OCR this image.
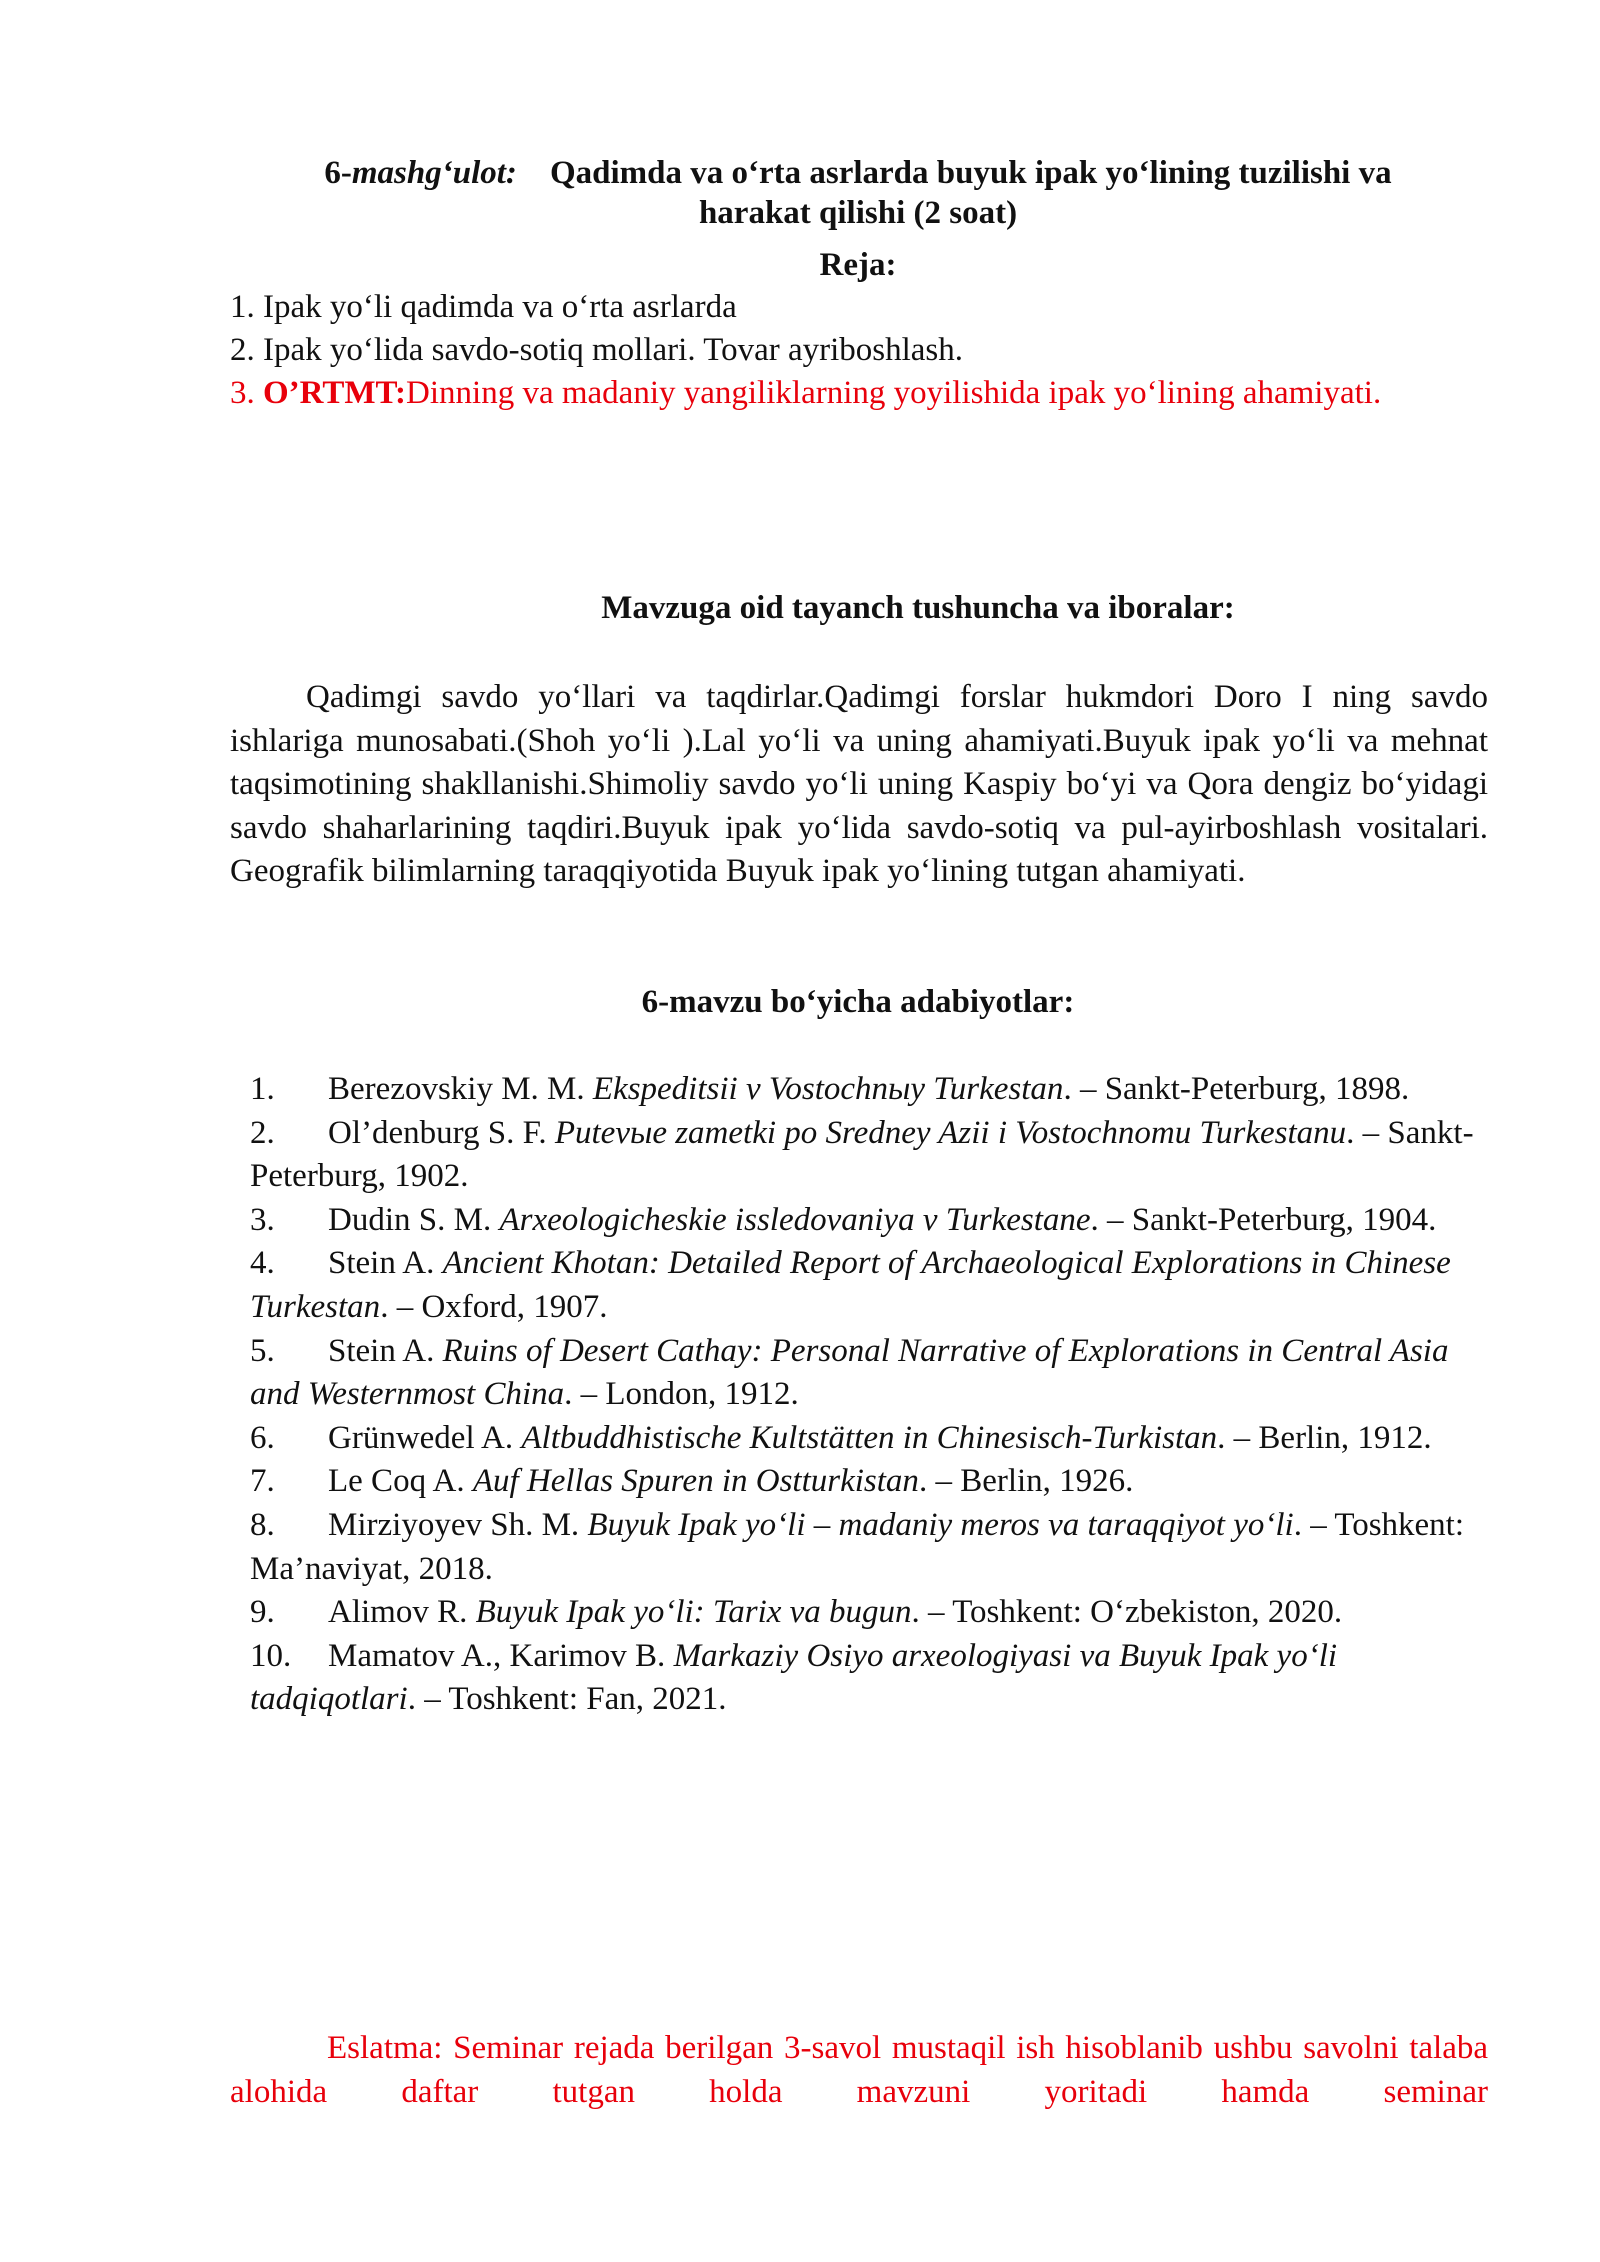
6-mashg‘ulot: Qadimda va o‘rta asrlarda buyuk ipak yo‘lining tuzilishi va
harakat qilishi (2 soat)
Reja:
1. Ipak yo‘li qadimda va o‘rta asrlarda
2. Ipak yo‘lida savdo-sotiq mollari. Tovar ayriboshlash.
3. O’RTMT:Dinning va madaniy yangiliklarning yoyilishida ipak yo‘lining ahamiyati.
Mavzuga oid tayanch tushuncha va iboralar:
Qadimgi savdo yo‘llari va taqdirlar.Qadimgi forslar hukmdori Doro I ning savdo ishlariga munosabati.(Shoh yo‘li ).Lal yo‘li va uning ahamiyati.Buyuk ipak yo‘li va mehnat taqsimotining shakllanishi.Shimoliy savdo yo‘li uning Kaspiy bo‘yi va Qora dengiz bo‘yidagi savdo shaharlarining taqdiri.Buyuk ipak yo‘lida savdo-sotiq va pul-ayirboshlash vositalari. Geografik bilimlarning taraqqiyotida Buyuk ipak yo‘lining tutgan ahamiyati.
6-mavzu bo‘yicha adabiyotlar:
1. Berezovskiy M. M. Ekspeditsii v Vostochnыy Turkestan. – Sankt-Peterburg, 1898.
2. Ol’denburg S. F. Putevыe zametki po Sredney Azii i Vostochnomu Turkestanu. – Sankt-Peterburg, 1902.
3. Dudin S. M. Arxeologicheskie issledovaniya v Turkestane. – Sankt-Peterburg, 1904.
4. Stein A. Ancient Khotan: Detailed Report of Archaeological Explorations in Chinese Turkestan. – Oxford, 1907.
5. Stein A. Ruins of Desert Cathay: Personal Narrative of Explorations in Central Asia and Westernmost China. – London, 1912.
6. Grünwedel A. Altbuddhistische Kultstätten in Chinesisch-Turkistan. – Berlin, 1912.
7. Le Coq A. Auf Hellas Spuren in Ostturkistan. – Berlin, 1926.
8. Mirziyoyev Sh. M. Buyuk Ipak yo‘li – madaniy meros va taraqqiyot yo‘li. – Toshkent: Ma’naviyat, 2018.
9. Alimov R. Buyuk Ipak yo‘li: Tarix va bugun. – Toshkent: O‘zbekiston, 2020.
10. Mamatov A., Karimov B. Markaziy Osiyo arxeologiyasi va Buyuk Ipak yo‘li tadqiqotlari. – Toshkent: Fan, 2021.
Eslatma: Seminar rejada berilgan 3-savol mustaqil ish hisoblanib ushbu savolni talaba alohida daftar tutgan holda mavzuni yoritadi hamda seminar
